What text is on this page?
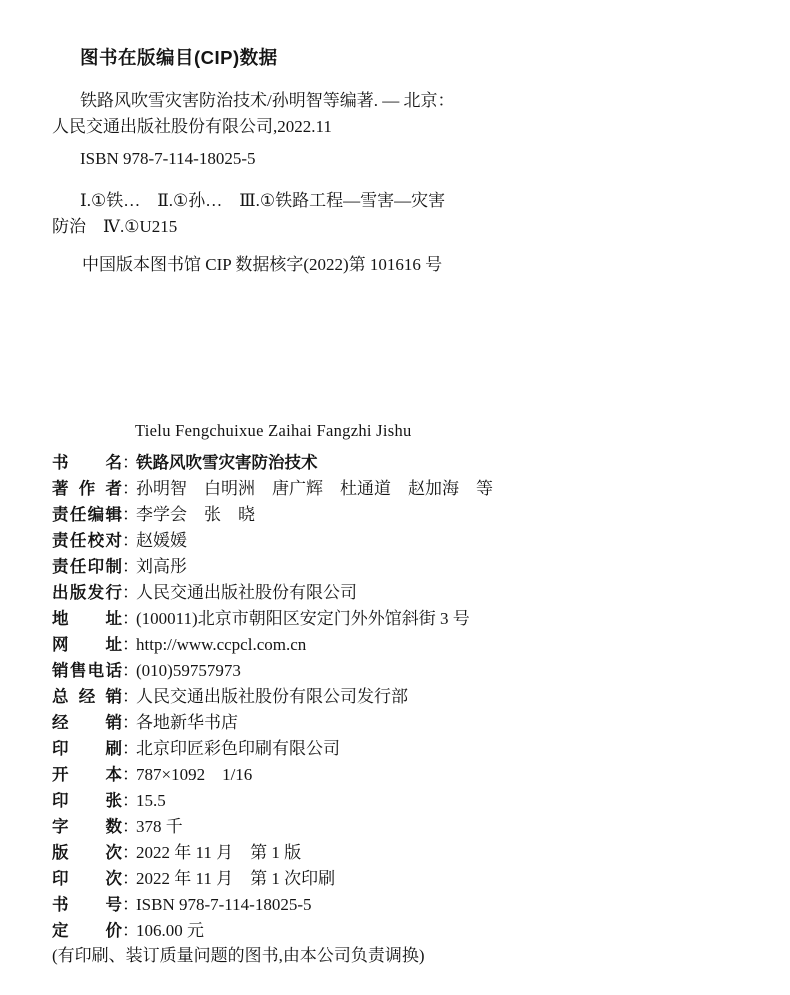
图书在版编目(CIP)数据

铁路风吹雪灾害防治技术/孙明智等编著. — 北京：
人民交通出版社股份有限公司,2022.11

ISBN 978-7-114-18025-5

Ⅰ.①铁…　Ⅱ.①孙…　Ⅲ.①铁路工程—雪害—灾害
防治　Ⅳ.①U215

中国版本图书馆 CIP 数据核字(2022)第 101616 号

Tielu Fengchuixue Zaihai Fangzhi Jishu
书名：铁路风吹雪灾害防治技术
著作者：孙明智　白明洲　唐广辉　杜通道　赵加海　等
责任编辑：李学会　张　晓
责任校对：赵媛媛
责任印制：刘高彤
出版发行：人民交通出版社股份有限公司
地址：(100011)北京市朝阳区安定门外外馆斜街 3 号
网址：http://www.ccpcl.com.cn
销售电话：(010)59757973
总经销：人民交通出版社股份有限公司发行部
经销：各地新华书店
印刷：北京印匠彩色印刷有限公司
开本：787×1092　1/16
印张：15.5
字数：378 千
版次：2022 年 11 月　第 1 版
印次：2022 年 11 月　第 1 次印刷
书号：ISBN 978-7-114-18025-5
定价：106.00 元

(有印刷、装订质量问题的图书,由本公司负责调换)
